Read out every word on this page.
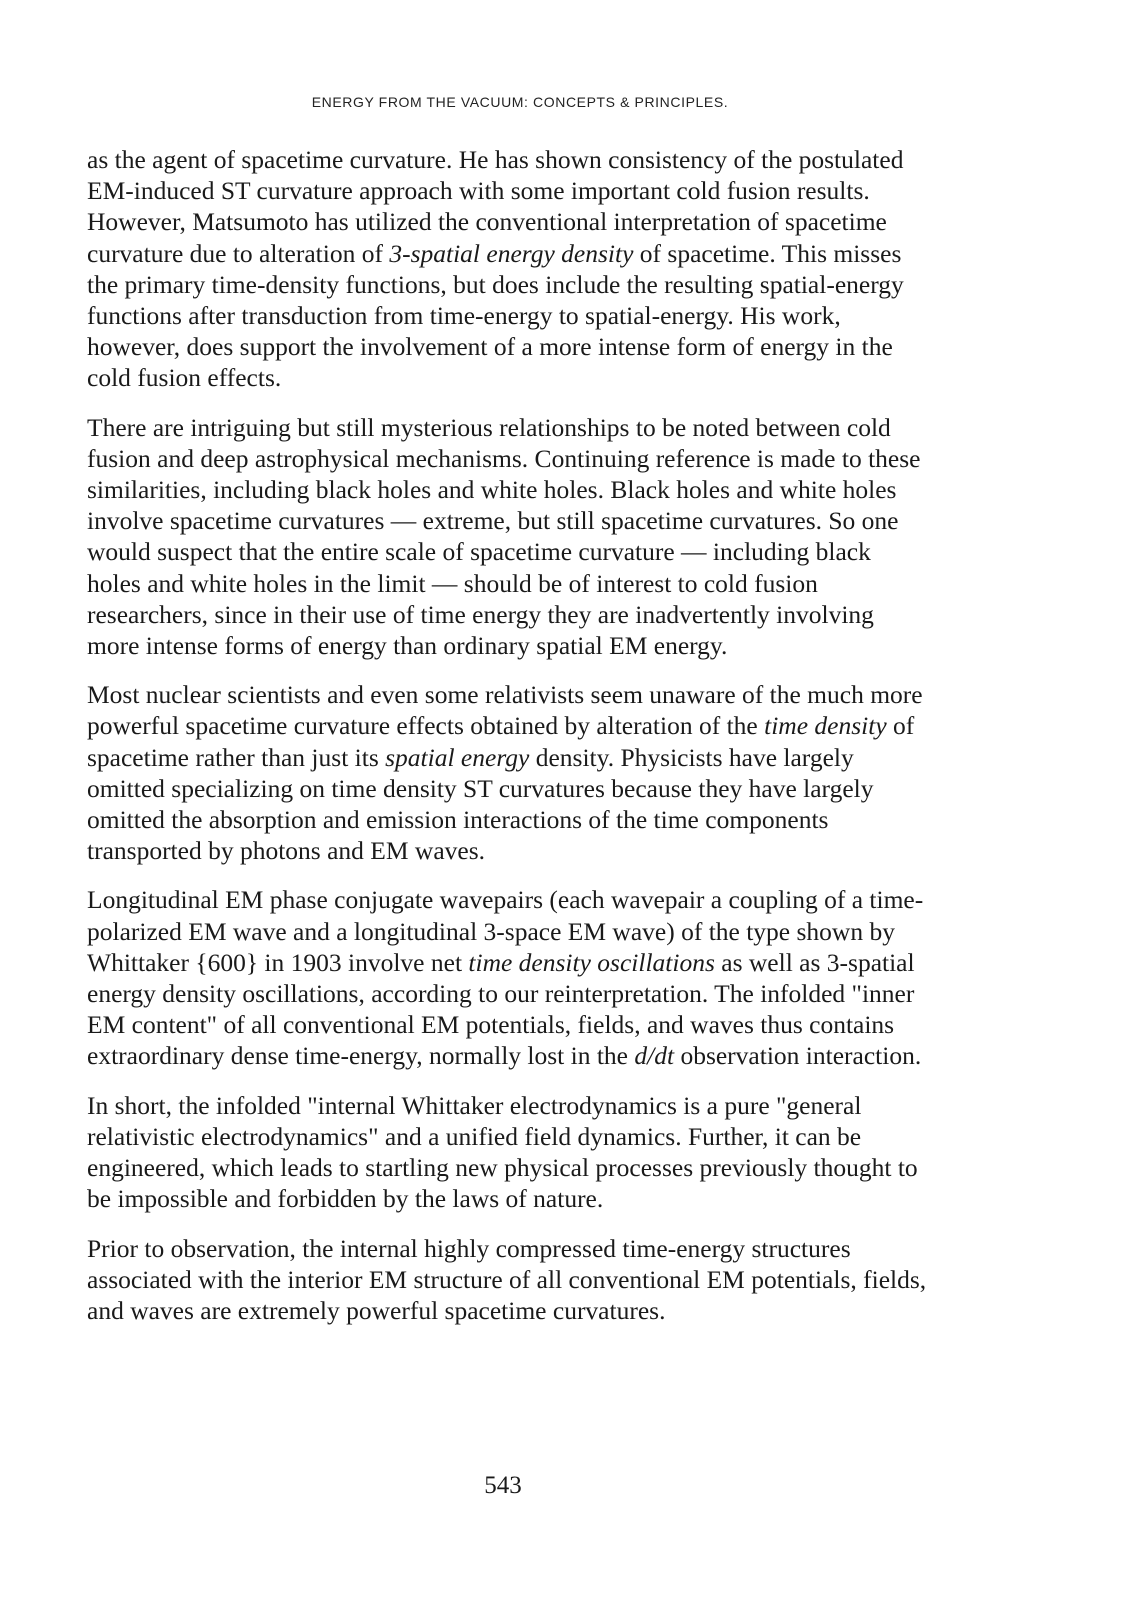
ENERGY FROM THE VACUUM: CONCEPTS & PRINCIPLES.

as the agent of spacetime curvature. He has shown consistency of the postulated EM-induced ST curvature approach with some important cold fusion results. However, Matsumoto has utilized the conventional interpretation of spacetime curvature due to alteration of 3-spatial energy density of spacetime. This misses the primary time-density functions, but does include the resulting spatial-energy functions after transduction from time-energy to spatial-energy. His work, however, does support the involvement of a more intense form of energy in the cold fusion effects.

There are intriguing but still mysterious relationships to be noted between cold fusion and deep astrophysical mechanisms. Continuing reference is made to these similarities, including black holes and white holes. Black holes and white holes involve spacetime curvatures — extreme, but still spacetime curvatures. So one would suspect that the entire scale of spacetime curvature — including black holes and white holes in the limit — should be of interest to cold fusion researchers, since in their use of time energy they are inadvertently involving more intense forms of energy than ordinary spatial EM energy.

Most nuclear scientists and even some relativists seem unaware of the much more powerful spacetime curvature effects obtained by alteration of the time density of spacetime rather than just its spatial energy density. Physicists have largely omitted specializing on time density ST curvatures because they have largely omitted the absorption and emission interactions of the time components transported by photons and EM waves.

Longitudinal EM phase conjugate wavepairs (each wavepair a coupling of a time-polarized EM wave and a longitudinal 3-space EM wave) of the type shown by Whittaker {600} in 1903 involve net time density oscillations as well as 3-spatial energy density oscillations, according to our reinterpretation. The infolded "inner EM content" of all conventional EM potentials, fields, and waves thus contains extraordinary dense time-energy, normally lost in the d/dt observation interaction.

In short, the infolded "internal Whittaker electrodynamics is a pure "general relativistic electrodynamics" and a unified field dynamics. Further, it can be engineered, which leads to startling new physical processes previously thought to be impossible and forbidden by the laws of nature.

Prior to observation, the internal highly compressed time-energy structures associated with the interior EM structure of all conventional EM potentials, fields, and waves are extremely powerful spacetime curvatures.

543
